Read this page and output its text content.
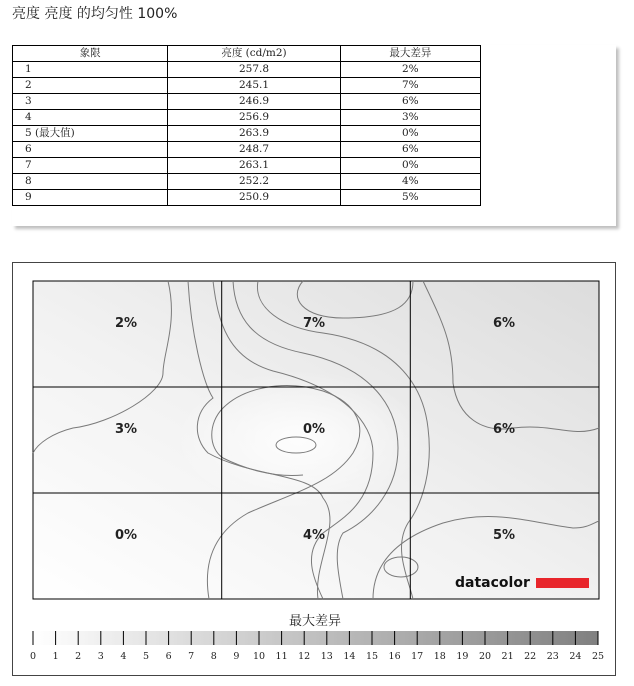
亮度 亮度 的均匀性 100%
象限	亮度 (cd/m2)	最大差异
1	257.8	2%
2	245.1	7%
3	246.9	6%
4	256.9	3%
5 (最大值)	263.9	0%
6	248.7	6%
7	263.1	0%
8	252.2	4%
9	250.9	5%
2%	7%	6%
3%	0%	6%
0%	4%	5%
datacolor
最大差异
0 1 2 3 4 5 6 7 8 9 10 11 12 13 14 15 16 17 18 19 20 21 22 23 24 25
